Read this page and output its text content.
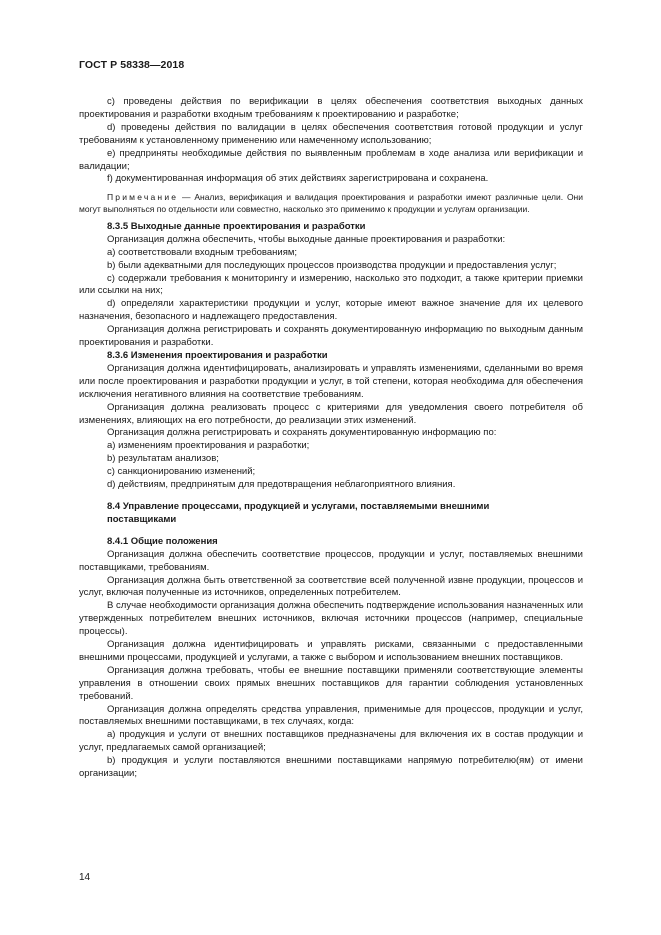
ГОСТ Р 58338—2018

c) проведены действия по верификации в целях обеспечения соответствия выходных данных проектирования и разработки входным требованиям к проектированию и разработке;

d) проведены действия по валидации в целях обеспечения соответствия готовой продукции и услуг требованиям к установленному применению или намеченному использованию;

e) предприняты необходимые действия по выявленным проблемам в ходе анализа или верификации и валидации;

f) документированная информация об этих действиях зарегистрирована и сохранена.

Примечание — Анализ, верификация и валидация проектирования и разработки имеют различные цели. Они могут выполняться по отдельности или совместно, насколько это применимо к продукции и услугам организации.

8.3.5 Выходные данные проектирования и разработки

Организация должна обеспечить, чтобы выходные данные проектирования и разработки:

a) соответствовали входным требованиям;

b) были адекватными для последующих процессов производства продукции и предоставления услуг;

c) содержали требования к мониторингу и измерению, насколько это подходит, а также критерии приемки или ссылки на них;

d) определяли характеристики продукции и услуг, которые имеют важное значение для их целевого назначения, безопасного и надлежащего предоставления.

Организация должна регистрировать и сохранять документированную информацию по выходным данным проектирования и разработки.

8.3.6 Изменения проектирования и разработки

Организация должна идентифицировать, анализировать и управлять изменениями, сделанными во время или после проектирования и разработки продукции и услуг, в той степени, которая необходима для обеспечения исключения негативного влияния на соответствие требованиям.

Организация должна реализовать процесс с критериями для уведомления своего потребителя об изменениях, влияющих на его потребности, до реализации этих изменений.

Организация должна регистрировать и сохранять документированную информацию по:

a) изменениям проектирования и разработки;

b) результатам анализов;

c) санкционированию изменений;

d) действиям, предпринятым для предотвращения неблагоприятного влияния.

8.4 Управление процессами, продукцией и услугами, поставляемыми внешними поставщиками

8.4.1 Общие положения

Организация должна обеспечить соответствие процессов, продукции и услуг, поставляемых внешними поставщиками, требованиям.

Организация должна быть ответственной за соответствие всей полученной извне продукции, процессов и услуг, включая полученные из источников, определенных потребителем.

В случае необходимости организация должна обеспечить подтверждение использования назначенных или утвержденных потребителем внешних источников, включая источники процессов (например, специальные процессы).

Организация должна идентифицировать и управлять рисками, связанными с предоставленными внешними процессами, продукцией и услугами, а также с выбором и использованием внешних поставщиков.

Организация должна требовать, чтобы ее внешние поставщики применяли соответствующие элементы управления в отношении своих прямых внешних поставщиков для гарантии соблюдения установленных требований.

Организация должна определять средства управления, применимые для процессов, продукции и услуг, поставляемых внешними поставщиками, в тех случаях, когда:

a) продукция и услуги от внешних поставщиков предназначены для включения их в состав продукции и услуг, предлагаемых самой организацией;

b) продукция и услуги поставляются внешними поставщиками напрямую потребителю(ям) от имени организации;

14
